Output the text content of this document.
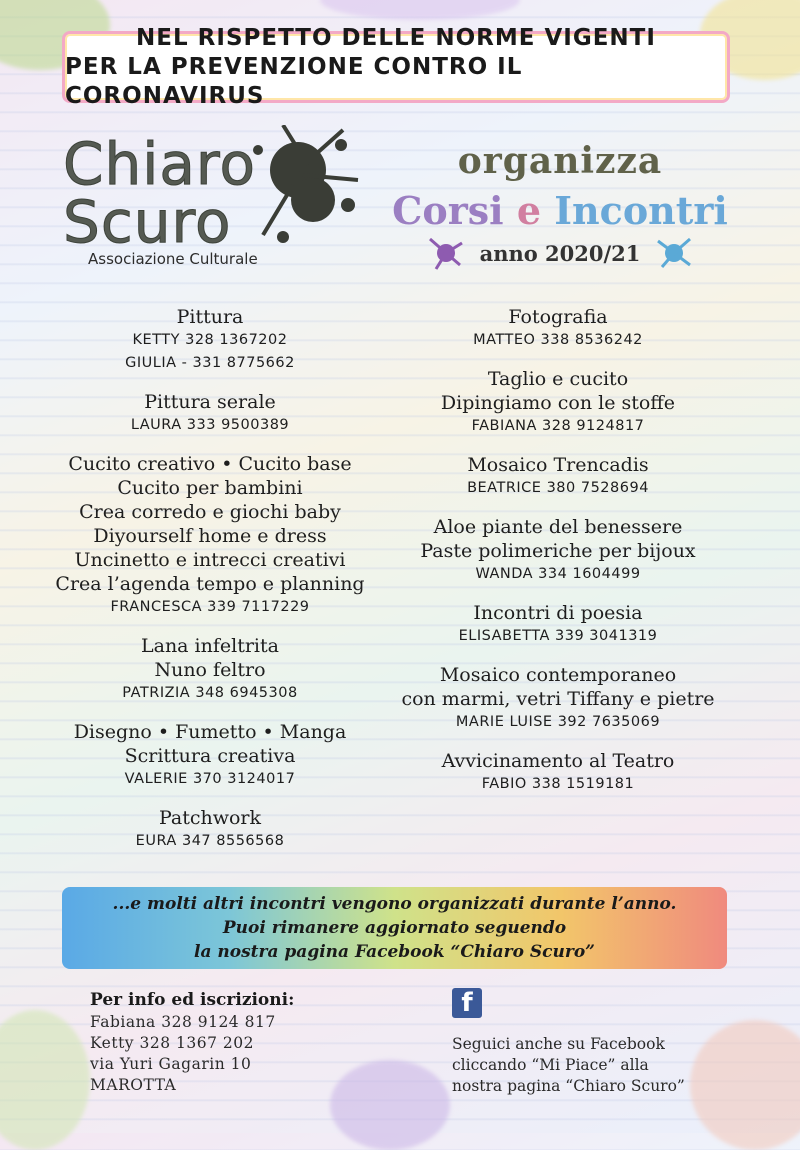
NEL RISPETTO DELLE NORME VIGENTI
PER LA PREVENZIONE CONTRO IL CORONAVIRUS
Chiaro
Scuro
Associazione Culturale
organizza
Corsi e Incontri
anno 2020/21
Pittura
KETTY 328 1367202
GIULIA - 331 8775662
Pittura serale
LAURA 333 9500389
Cucito creativo • Cucito base
Cucito per bambini
Crea corredo e giochi baby
Diyourself home e dress
Uncinetto e intrecci creativi
Crea l’agenda tempo e planning
FRANCESCA 339 7117229
Lana infeltrita
Nuno feltro
PATRIZIA 348 6945308
Disegno • Fumetto • Manga
Scrittura creativa
VALERIE 370 3124017
Patchwork
EURA 347 8556568
Fotografia
MATTEO 338 8536242
Taglio e cucito
Dipingiamo con le stoffe
FABIANA 328 9124817
Mosaico Trencadis
BEATRICE 380 7528694
Aloe piante del benessere
Paste polimeriche per bijoux
WANDA 334 1604499
Incontri di poesia
ELISABETTA 339 3041319
Mosaico contemporaneo
con marmi, vetri Tiffany e pietre
MARIE LUISE 392 7635069
Avvicinamento al Teatro
FABIO 338 1519181
...e molti altri incontri vengono organizzati durante l’anno.
Puoi rimanere aggiornato seguendo
la nostra pagina Facebook “Chiaro Scuro”
Per info ed iscrizioni:
Fabiana 328 9124 817
Ketty 328 1367 202
via Yuri Gagarin 10
MAROTTA
f
Seguici anche su Facebook
cliccando “Mi Piace” alla
nostra pagina “Chiaro Scuro”
